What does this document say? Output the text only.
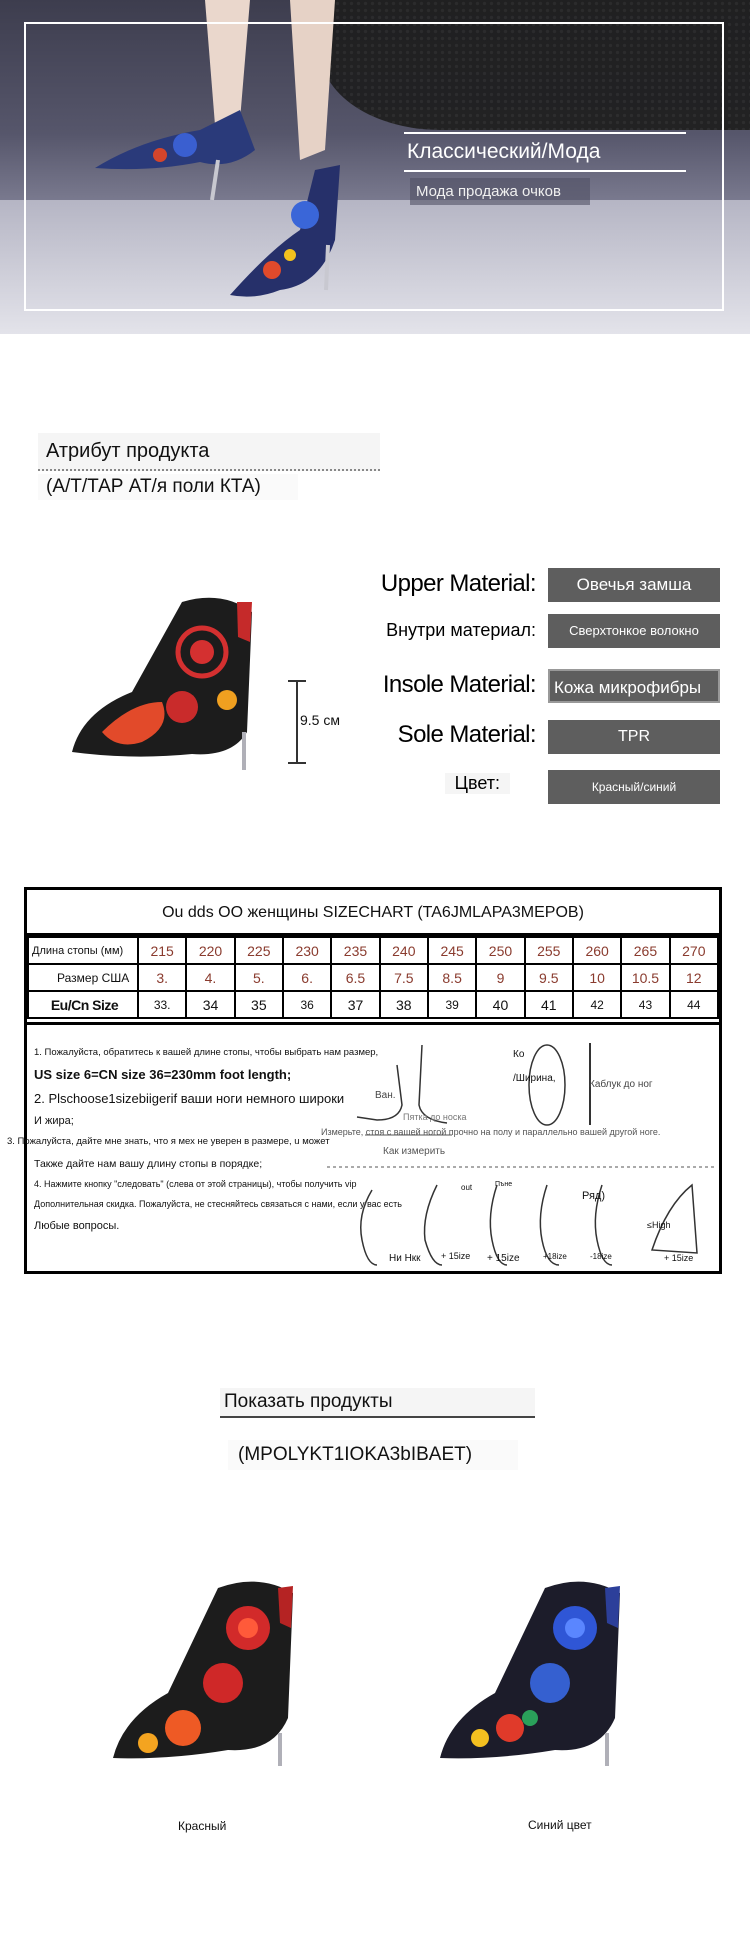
Классический/Мода
Мода продажа очков
Атрибут продукта
(А/Т/ТАР АТ/я поли КТА)
9.5 см
Upper Material:	Овечья замша
Внутри материал:	Сверхтонкое волокно
Insole Material:	Кожа микрофибры
Sole Material:	TPR
Цвет:	Красный/синий
Ou dds OO женщины SIZECHART (TA6JMLAPA3MEPOB)
Длина стопы (мм)	215	220	225	230	235	240	245	250	255	260	265	270
Размер США	3.	4.	5.	6.	6.5	7.5	8.5	9	9.5	10	10.5	12
Eu/Cn Size	33.	34	35	36	37	38	39	40	41	42	43	44
1. Пожалуйста, обратитесь к вашей длине стопы, чтобы выбрать нам размер,
US size 6=CN size 36=230mm foot length;
2. Plschoose1sizebiigerif ваши ноги немного широки
И жира;
3. Пожалуйста, дайте мне знать, что я мех не уверен в размере, u может
Также дайте нам вашу длину стопы в порядке;
4. Нажмите кнопку "следовать" (слева от этой страницы), чтобы получить vip
Дополнительная скидка. Пожалуйста, не стесняйтесь связаться с нами, если у вас есть
Любые вопросы.
Ко
/Ширина,
Каблук до ног
Ван.
Пятка до носка
Измерьте, стоя с вашей ногой прочно на полу и параллельно вашей другой ноге.
Как измерить
out	Пъне
Ряд)
≤High
Ни Нкк + 15ize + 15ize	+18ize	-18ize	+ 15ize
Показать продукты
(MPOLYKT1IOKA3bIBAET)
Красный	Синий цвет
